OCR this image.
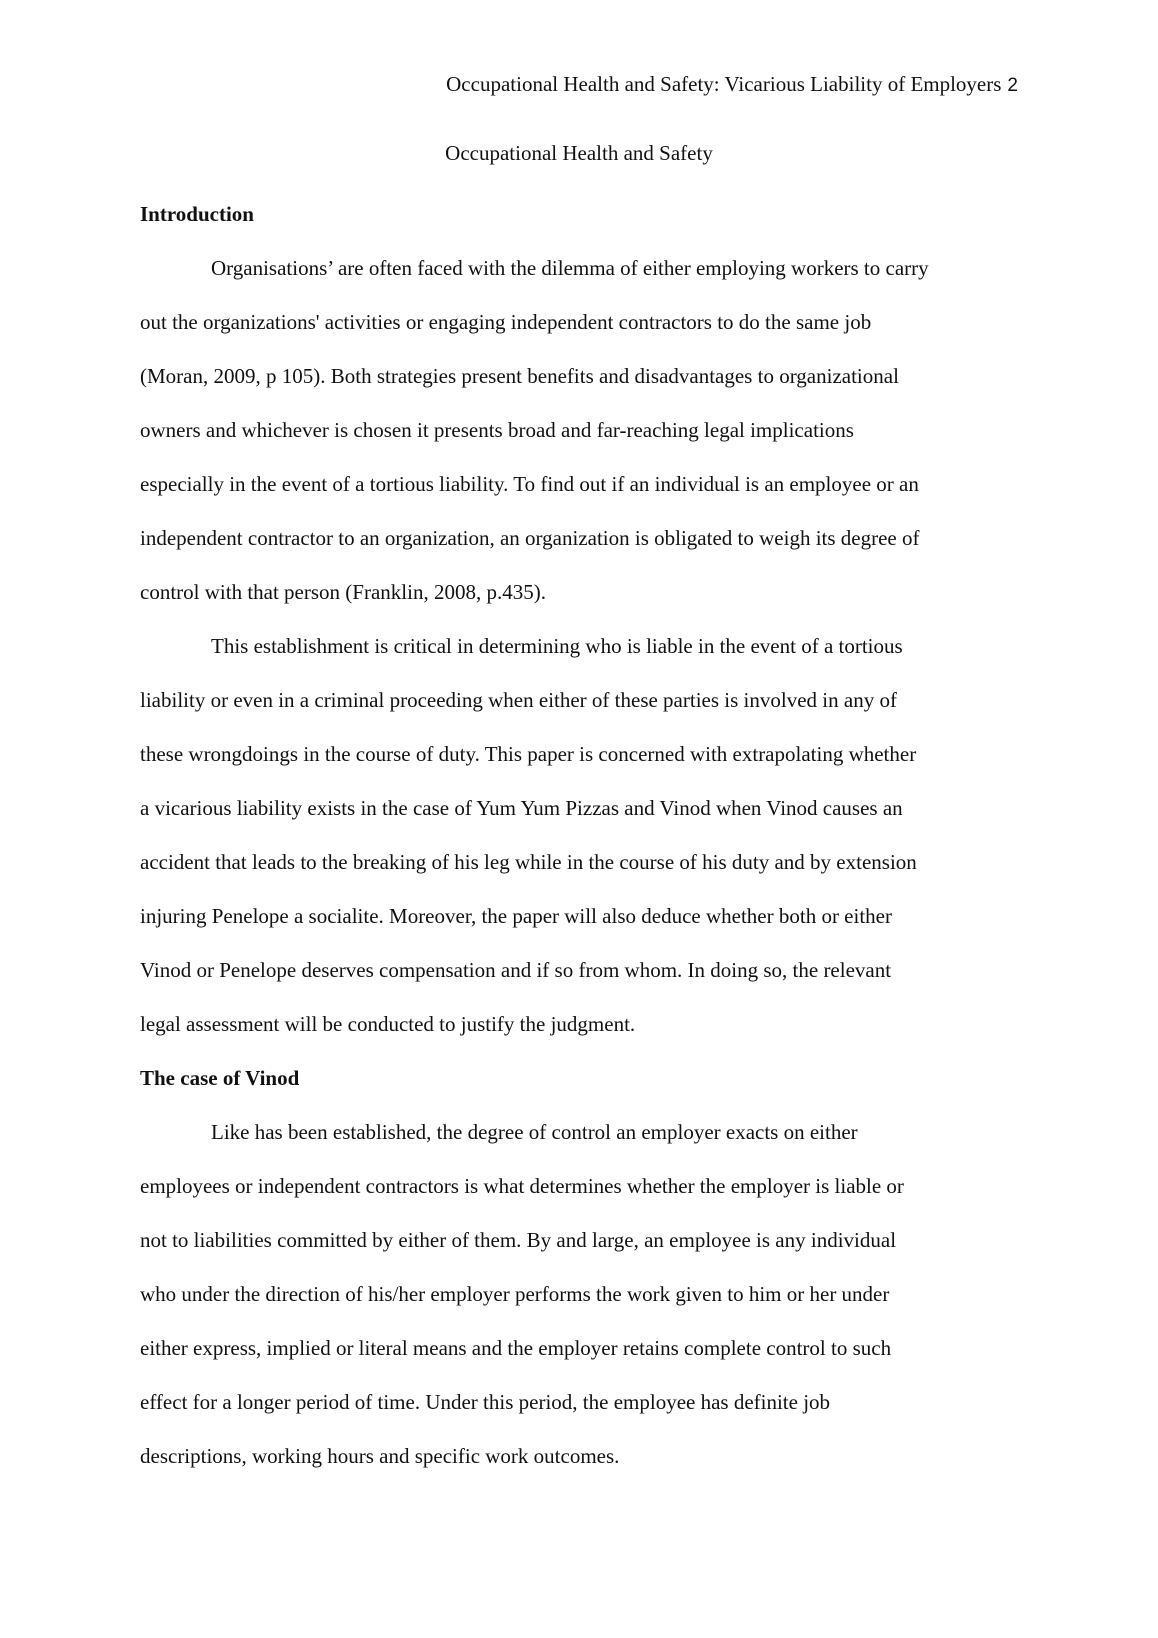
Occupational Health and Safety: Vicarious Liability of Employers 2
Occupational Health and Safety
Introduction
Organisations’ are often faced with the dilemma of either employing workers to carry
out the organizations' activities or engaging independent contractors to do the same job
(Moran, 2009, p 105). Both strategies present benefits and disadvantages to organizational
owners and whichever is chosen it presents broad and far-reaching legal implications
especially in the event of a tortious liability. To find out if an individual is an employee or an
independent contractor to an organization, an organization is obligated to weigh its degree of
control with that person (Franklin, 2008, p.435).
This establishment is critical in determining who is liable in the event of a tortious
liability or even in a criminal proceeding when either of these parties is involved in any of
these wrongdoings in the course of duty. This paper is concerned with extrapolating whether
a vicarious liability exists in the case of Yum Yum Pizzas and Vinod when Vinod causes an
accident that leads to the breaking of his leg while in the course of his duty and by extension
injuring Penelope a socialite. Moreover, the paper will also deduce whether both or either
Vinod or Penelope deserves compensation and if so from whom. In doing so, the relevant
legal assessment will be conducted to justify the judgment.
The case of Vinod
Like has been established, the degree of control an employer exacts on either
employees or independent contractors is what determines whether the employer is liable or
not to liabilities committed by either of them. By and large, an employee is any individual
who under the direction of his/her employer performs the work given to him or her under
either express, implied or literal means and the employer retains complete control to such
effect for a longer period of time. Under this period, the employee has definite job
descriptions, working hours and specific work outcomes.
